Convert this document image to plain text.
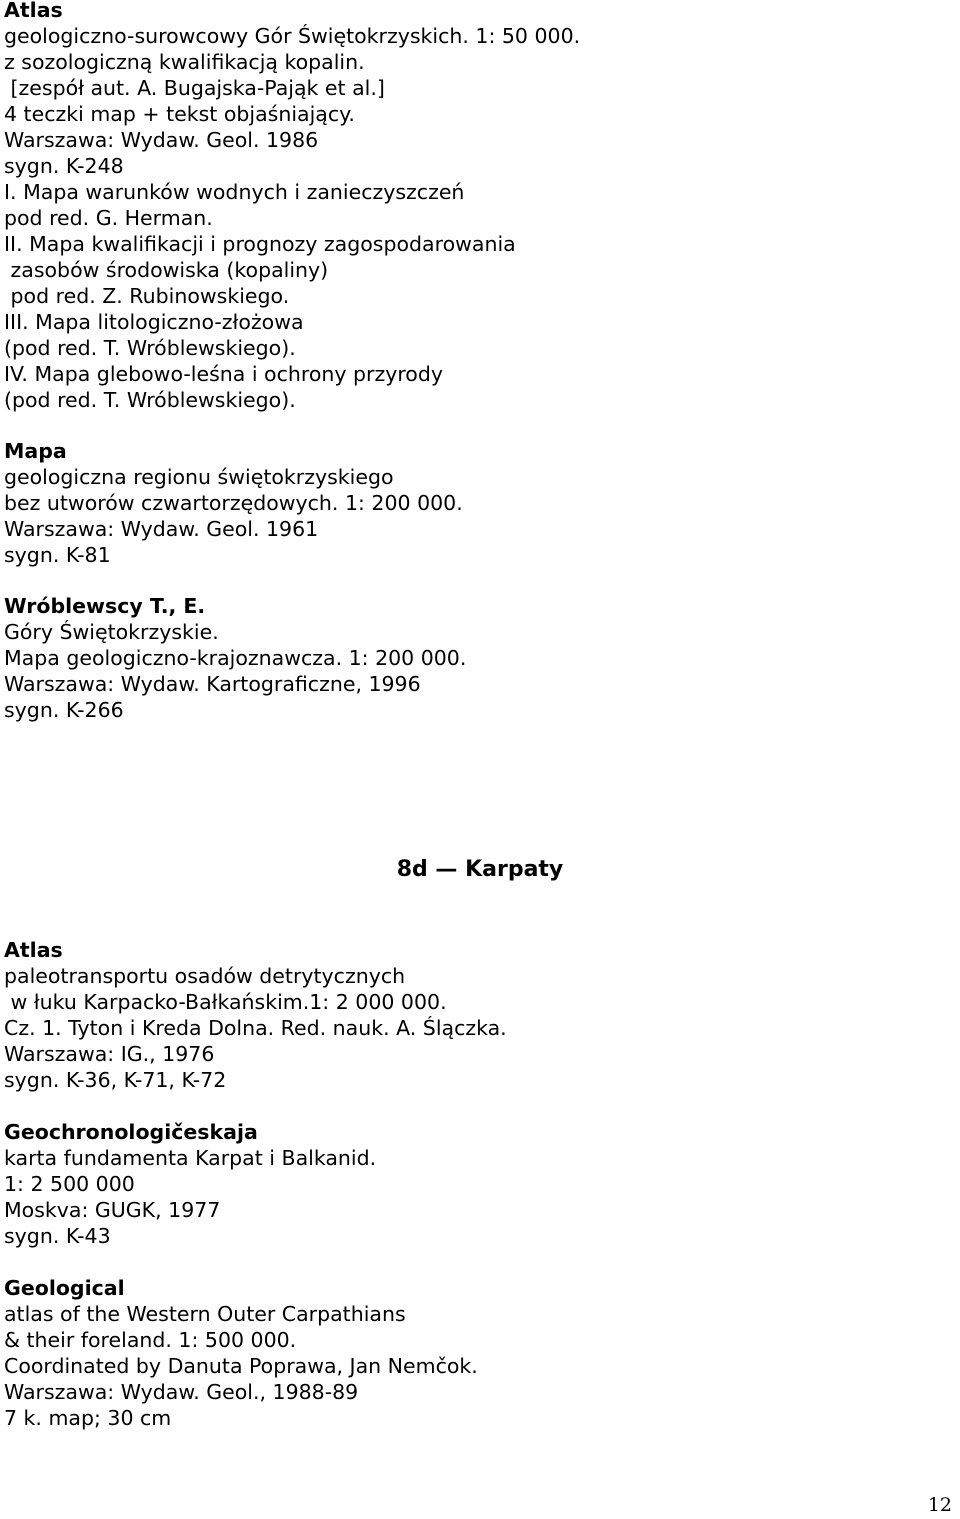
Atlas
geologiczno-surowcowy Gór Świętokrzyskich. 1: 50 000.
z sozologiczną kwalifikacją kopalin.
[zespół aut. A. Bugajska-Pająk et al.]
4 teczki map + tekst objaśniający.
Warszawa: Wydaw. Geol. 1986
sygn. K-248
I. Mapa warunków wodnych i zanieczyszczeń
pod red. G. Herman.
II. Mapa kwalifikacji i prognozy zagospodarowania
zasobów środowiska (kopaliny)
pod red. Z. Rubinowskiego.
III. Mapa litologiczno-złożowa
(pod red. T. Wróblewskiego).
IV. Mapa glebowo-leśna i ochrony przyrody
(pod red. T. Wróblewskiego).
Mapa
geologiczna regionu świętokrzyskiego
bez utworów czwartorzędowych. 1: 200 000.
Warszawa: Wydaw. Geol. 1961
sygn. K-81
Wróblewscy T., E.
Góry Świętokrzyskie.
Mapa geologiczno-krajoznawcza. 1: 200 000.
Warszawa: Wydaw. Kartograficzne, 1996
sygn. K-266
8d — Karpaty
Atlas
paleotransportu osadów detrytycznych
w łuku Karpacko-Bałkańskim.1: 2 000 000.
Cz. 1. Tyton i Kreda Dolna. Red. nauk. A. Ślączka.
Warszawa: IG., 1976
sygn. K-36, K-71, K-72
Geochronologičeskaja
karta fundamenta Karpat i Balkanid.
1: 2 500 000
Moskva: GUGK, 1977
sygn. K-43
Geological
atlas of the Western Outer Carpathians
& their foreland. 1: 500 000.
Coordinated by Danuta Poprawa, Jan Nemčok.
Warszawa: Wydaw. Geol., 1988-89
7 k. map; 30 cm
12
